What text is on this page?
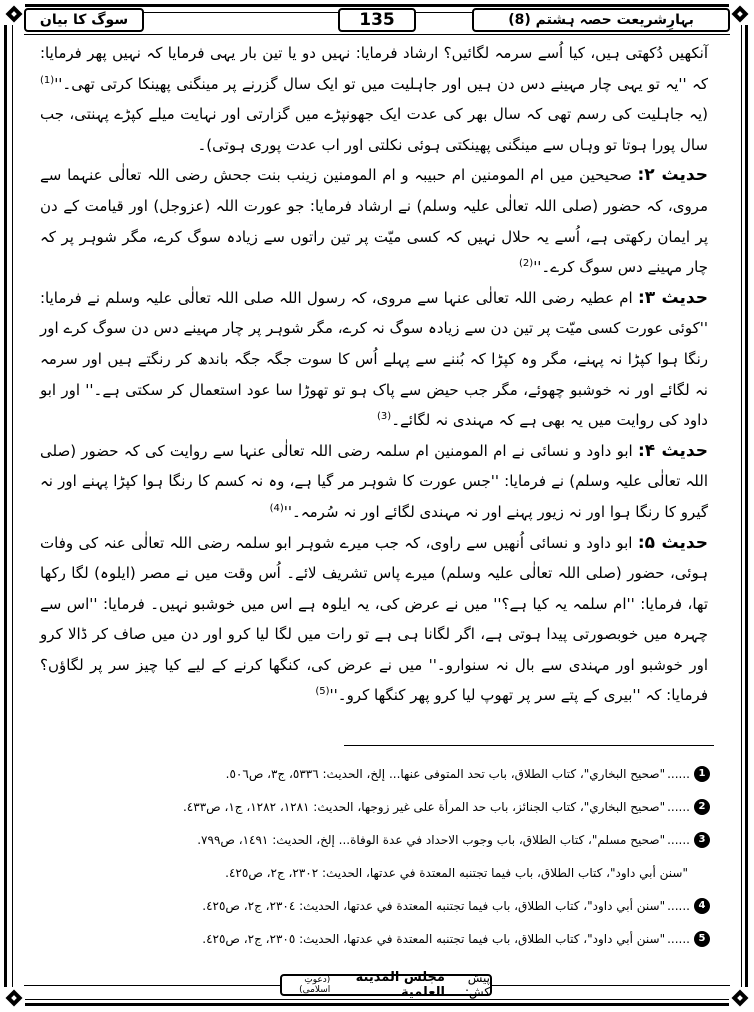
بہارِشریعت حصہ ہشتم (8)
135
سوگ کا بیان

آنکھیں دُکھتی ہیں، کیا اُسے سرمہ لگائیں؟ ارشاد فرمایا: نہیں دو یا تین بار یہی فرمایا کہ نہیں پھر فرمایا: کہ ''یہ تو یہی چار مہینے دس دن ہیں اور جاہلیت میں تو ایک سال گزرنے پر مینگنی پھینکا کرتی تھی۔''$^{(1)}$ (یہ جاہلیت کی رسم تھی کہ سال بھر کی عدت ایک جھونپڑے میں گزارتی اور نہایت میلے کپڑے پہنتی، جب سال پورا ہوتا تو وہاں سے مینگنی پھینکتی ہوئی نکلتی اور اب عدت پوری ہوتی)۔

حدیث ۲: صحیحین میں ام المومنین ام حبیبہ و ام المومنین زینب بنت جحش رضی اللہ تعالٰی عنہما سے مروی، کہ حضور (صلی اللہ تعالٰی علیہ وسلم) نے ارشاد فرمایا: جو عورت اللہ (عزوجل) اور قیامت کے دن پر ایمان رکھتی ہے، اُسے یہ حلال نہیں کہ کسی میّت پر تین راتوں سے زیادہ سوگ کرے، مگر شوہر پر کہ چار مہینے دس سوگ کرے۔''$^{(2)}$

حدیث ۳: ام عطیہ رضی اللہ تعالٰی عنہا سے مروی، کہ رسول اللہ صلی اللہ تعالٰی علیہ وسلم نے فرمایا: ''کوئی عورت کسی میّت پر تین دن سے زیادہ سوگ نہ کرے، مگر شوہر پر چار مہینے دس دن سوگ کرے اور رنگا ہوا کپڑا نہ پہنے، مگر وہ کپڑا کہ بُننے سے پہلے اُس کا سوت جگہ جگہ باندھ کر رنگتے ہیں اور سرمہ نہ لگائے اور نہ خوشبو چھوئے، مگر جب حیض سے پاک ہو تو تھوڑا سا عود استعمال کر سکتی ہے۔'' اور ابو داود کی روایت میں یہ بھی ہے کہ مہندی نہ لگائے۔$^{(3)}$

حدیث ۴: ابو داود و نسائی نے ام المومنین ام سلمہ رضی اللہ تعالٰی عنہا سے روایت کی کہ حضور (صلی اللہ تعالٰی علیہ وسلم) نے فرمایا: ''جس عورت کا شوہر مر گیا ہے، وہ نہ کسم کا رنگا ہوا کپڑا پہنے اور نہ گیرو کا رنگا ہوا اور نہ زیور پہنے اور نہ مہندی لگائے اور نہ سُرمہ۔''$^{(4)}$

حدیث ۵: ابو داود و نسائی اُنھیں سے راوی، کہ جب میرے شوہر ابو سلمہ رضی اللہ تعالٰی عنہ کی وفات ہوئی، حضور (صلی اللہ تعالٰی علیہ وسلم) میرے پاس تشریف لائے۔ اُس وقت میں نے مصر (ایلوہ) لگا رکھا تھا، فرمایا: ''ام سلمہ یہ کیا ہے؟'' میں نے عرض کی، یہ ایلوہ ہے اس میں خوشبو نہیں۔ فرمایا: ''اس سے چہرہ میں خوبصورتی پیدا ہوتی ہے، اگر لگانا ہی ہے تو رات میں لگا لیا کرو اور دن میں صاف کر ڈالا کرو اور خوشبو اور مہندی سے بال نہ سنوارو۔'' میں نے عرض کی، کنگھا کرنے کے لیے کیا چیز سر پر لگاؤں؟ فرمایا: کہ ''بیری کے پتے سر پر تھوپ لیا کرو پھر کنگھا کرو۔''$^{(5)}$

1
......
"صحيح البخاري"، كتاب الطلاق، باب تحد المتوفى عنها... إلخ، الحديث: ٥٣٣٦، ج٣، ص٥٠٦.
2
......
"صحيح البخاري"، كتاب الجنائز، باب حد المرأة على غير زوجها، الحديث: ١٢٨١، ١٢٨٢، ج١، ص٤٣٣.
3
......
"صحيح مسلم"، كتاب الطلاق، باب وجوب الاحداد في عدة الوفاة... إلخ، الحديث: ١٤٩١، ص٧٩٩.
"سنن أبي داود"، كتاب الطلاق، باب فيما تجتنبه المعتدة في عدتها، الحديث: ٢٣٠٢، ج٢، ص٤٢٥.
4
......
"سنن أبي داود"، كتاب الطلاق، باب فيما تجتنبه المعتدة في عدتها، الحديث: ٢٣٠٤، ج٢، ص٤٢٥.
5
......
"سنن أبي داود"، كتاب الطلاق، باب فيما تجتنبه المعتدة في عدتها، الحديث: ٢٣٠٥، ج٢، ص٤٢٥.
پیش کش:
مجلس المدینة العلمیة
(دعوتِ اسلامی)
